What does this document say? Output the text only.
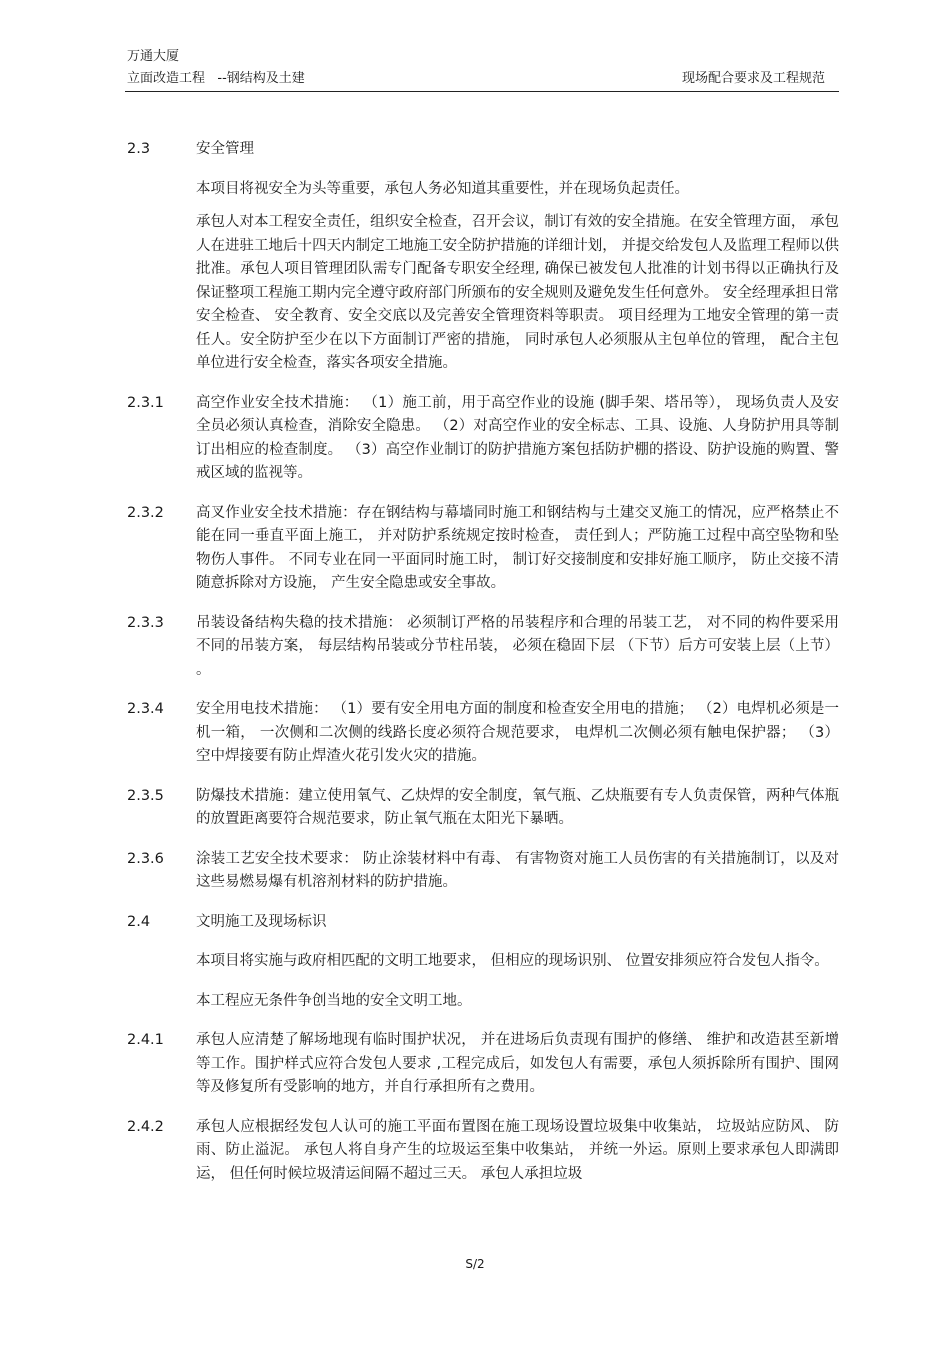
万通大厦
立面改造工程   --钢结构及土建	现场配合要求及工程规范
2.3	安全管理
本项目将视安全为头等重要，承包人务必知道其重要性，并在现场负起责任。
承包人对本工程安全责任，组织安全检查，召开会议，制订有效的安全措施。在安全管理方面， 承包人在进驻工地后十四天内制定工地施工安全防护措施的详细计划， 并提交给发包人及监理工程师以供批准。承包人项目管理团队需专门配备专职安全经理, 确保已被发包人批准的计划书得以正确执行及保证整项工程施工期内完全遵守政府部门所颁布的安全规则及避免发生任何意外。 安全经理承担日常安全检查、 安全教育、安全交底以及完善安全管理资料等职责。 项目经理为工地安全管理的第一责任人。安全防护至少在以下方面制订严密的措施， 同时承包人必须服从主包单位的管理， 配合主包单位进行安全检查，落实各项安全措施。
2.3.1	高空作业安全技术措施： （1）施工前，用于高空作业的设施 (脚手架、塔吊等）， 现场负责人及安全员必须认真检查，消除安全隐患。 （2）对高空作业的安全标志、工具、设施、人身防护用具等制订出相应的检查制度。 （3）高空作业制订的防护措施方案包括防护棚的搭设、防护设施的购置、警戒区域的监视等。
2.3.2	高叉作业安全技术措施：存在钢结构与幕墙同时施工和钢结构与土建交叉施工的情况，应严格禁止不能在同一垂直平面上施工， 并对防护系统规定按时检查， 责任到人；严防施工过程中高空坠物和坠物伤人事件。 不同专业在同一平面同时施工时， 制订好交接制度和安排好施工顺序， 防止交接不清随意拆除对方设施， 产生安全隐患或安全事故。
2.3.3	吊装设备结构失稳的技术措施： 必须制订严格的吊装程序和合理的吊装工艺， 对不同的构件要采用不同的吊装方案， 每层结构吊装或分节柱吊装， 必须在稳固下层 （下节）后方可安装上层（上节） 。
2.3.4	安全用电技术措施： （1）要有安全用电方面的制度和检查安全用电的措施； （2）电焊机必须是一机一箱， 一次侧和二次侧的线路长度必须符合规范要求， 电焊机二次侧必须有触电保护器； （3）空中焊接要有防止焊渣火花引发火灾的措施。
2.3.5	防爆技术措施：建立使用氧气、乙炔焊的安全制度，氧气瓶、乙炔瓶要有专人负责保管，两种气体瓶的放置距离要符合规范要求，防止氧气瓶在太阳光下暴晒。
2.3.6	涂装工艺安全技术要求： 防止涂装材料中有毒、 有害物资对施工人员伤害的有关措施制订，以及对这些易燃易爆有机溶剂材料的防护措施。
2.4	文明施工及现场标识
本项目将实施与政府相匹配的文明工地要求， 但相应的现场识别、 位置安排须应符合发包人指令。
本工程应无条件争创当地的安全文明工地。
2.4.1	承包人应清楚了解场地现有临时围护状况， 并在进场后负责现有围护的修缮、 维护和改造甚至新增等工作。围护样式应符合发包人要求 ,工程完成后，如发包人有需要，承包人须拆除所有围护、围网等及修复所有受影响的地方，并自行承担所有之费用。
2.4.2	承包人应根据经发包人认可的施工平面布置图在施工现场设置垃圾集中收集站， 垃圾站应防风、 防雨、防止溢泥。 承包人将自身产生的垃圾运至集中收集站， 并统一外运。原则上要求承包人即满即运， 但任何时候垃圾清运间隔不超过三天。 承包人承担垃圾
S/2
